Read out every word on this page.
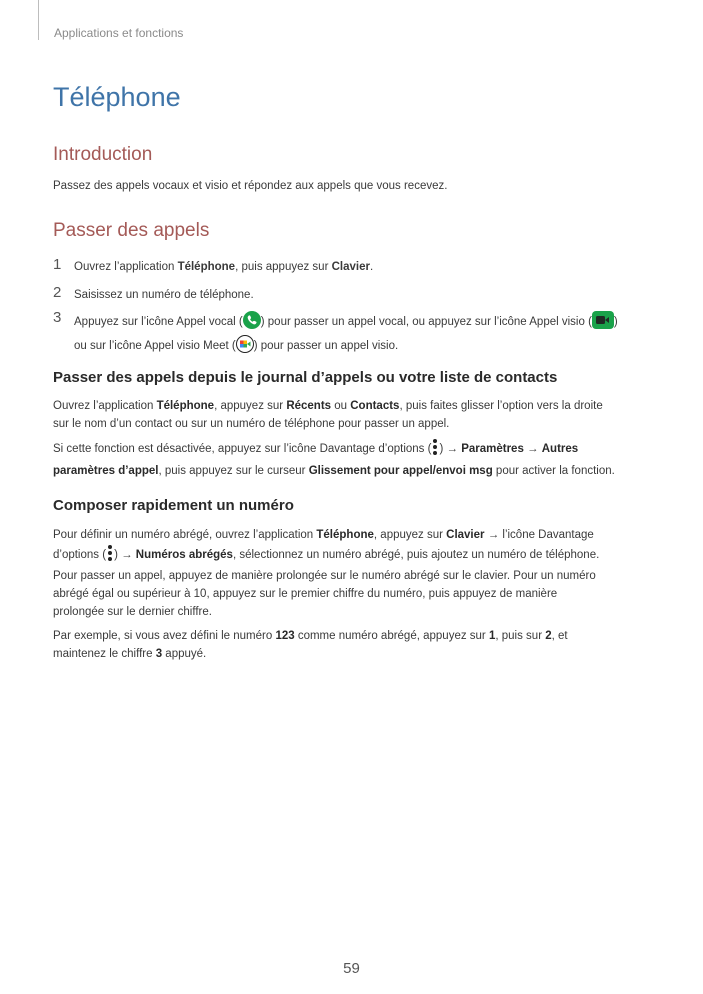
Applications et fonctions
Téléphone
Introduction

Passez des appels vocaux et visio et répondez aux appels que vous recevez.

Passer des appels
1 Ouvrez l’application Téléphone, puis appuyez sur Clavier.
2 Saisissez un numéro de téléphone.
3 Appuyez sur l’icône Appel vocal ( ) pour passer un appel vocal, ou appuyez sur l’icône Appel visio ( )
ou sur l’icône Appel visio Meet ( ) pour passer un appel visio.
Passer des appels depuis le journal d’appels ou votre liste de contacts

Ouvrez l’application Téléphone, appuyez sur Récents ou Contacts, puis faites glisser l’option vers la droite
sur le nom d’un contact ou sur un numéro de téléphone pour passer un appel.

Si cette fonction est désactivée, appuyez sur l’icône Davantage d’options ( ) → Paramètres → Autres
paramètres d’appel, puis appuyez sur le curseur Glissement pour appel/envoi msg pour activer la fonction.

Composer rapidement un numéro

Pour définir un numéro abrégé, ouvrez l’application Téléphone, appuyez sur Clavier → l’icône Davantage
d’options ( ) → Numéros abrégés, sélectionnez un numéro abrégé, puis ajoutez un numéro de téléphone.

Pour passer un appel, appuyez de manière prolongée sur le numéro abrégé sur le clavier. Pour un numéro
abrégé égal ou supérieur à 10, appuyez sur le premier chiffre du numéro, puis appuyez de manière
prolongée sur le dernier chiffre.

Par exemple, si vous avez défini le numéro 123 comme numéro abrégé, appuyez sur 1, puis sur 2, et
maintenez le chiffre 3 appuyé.

59
